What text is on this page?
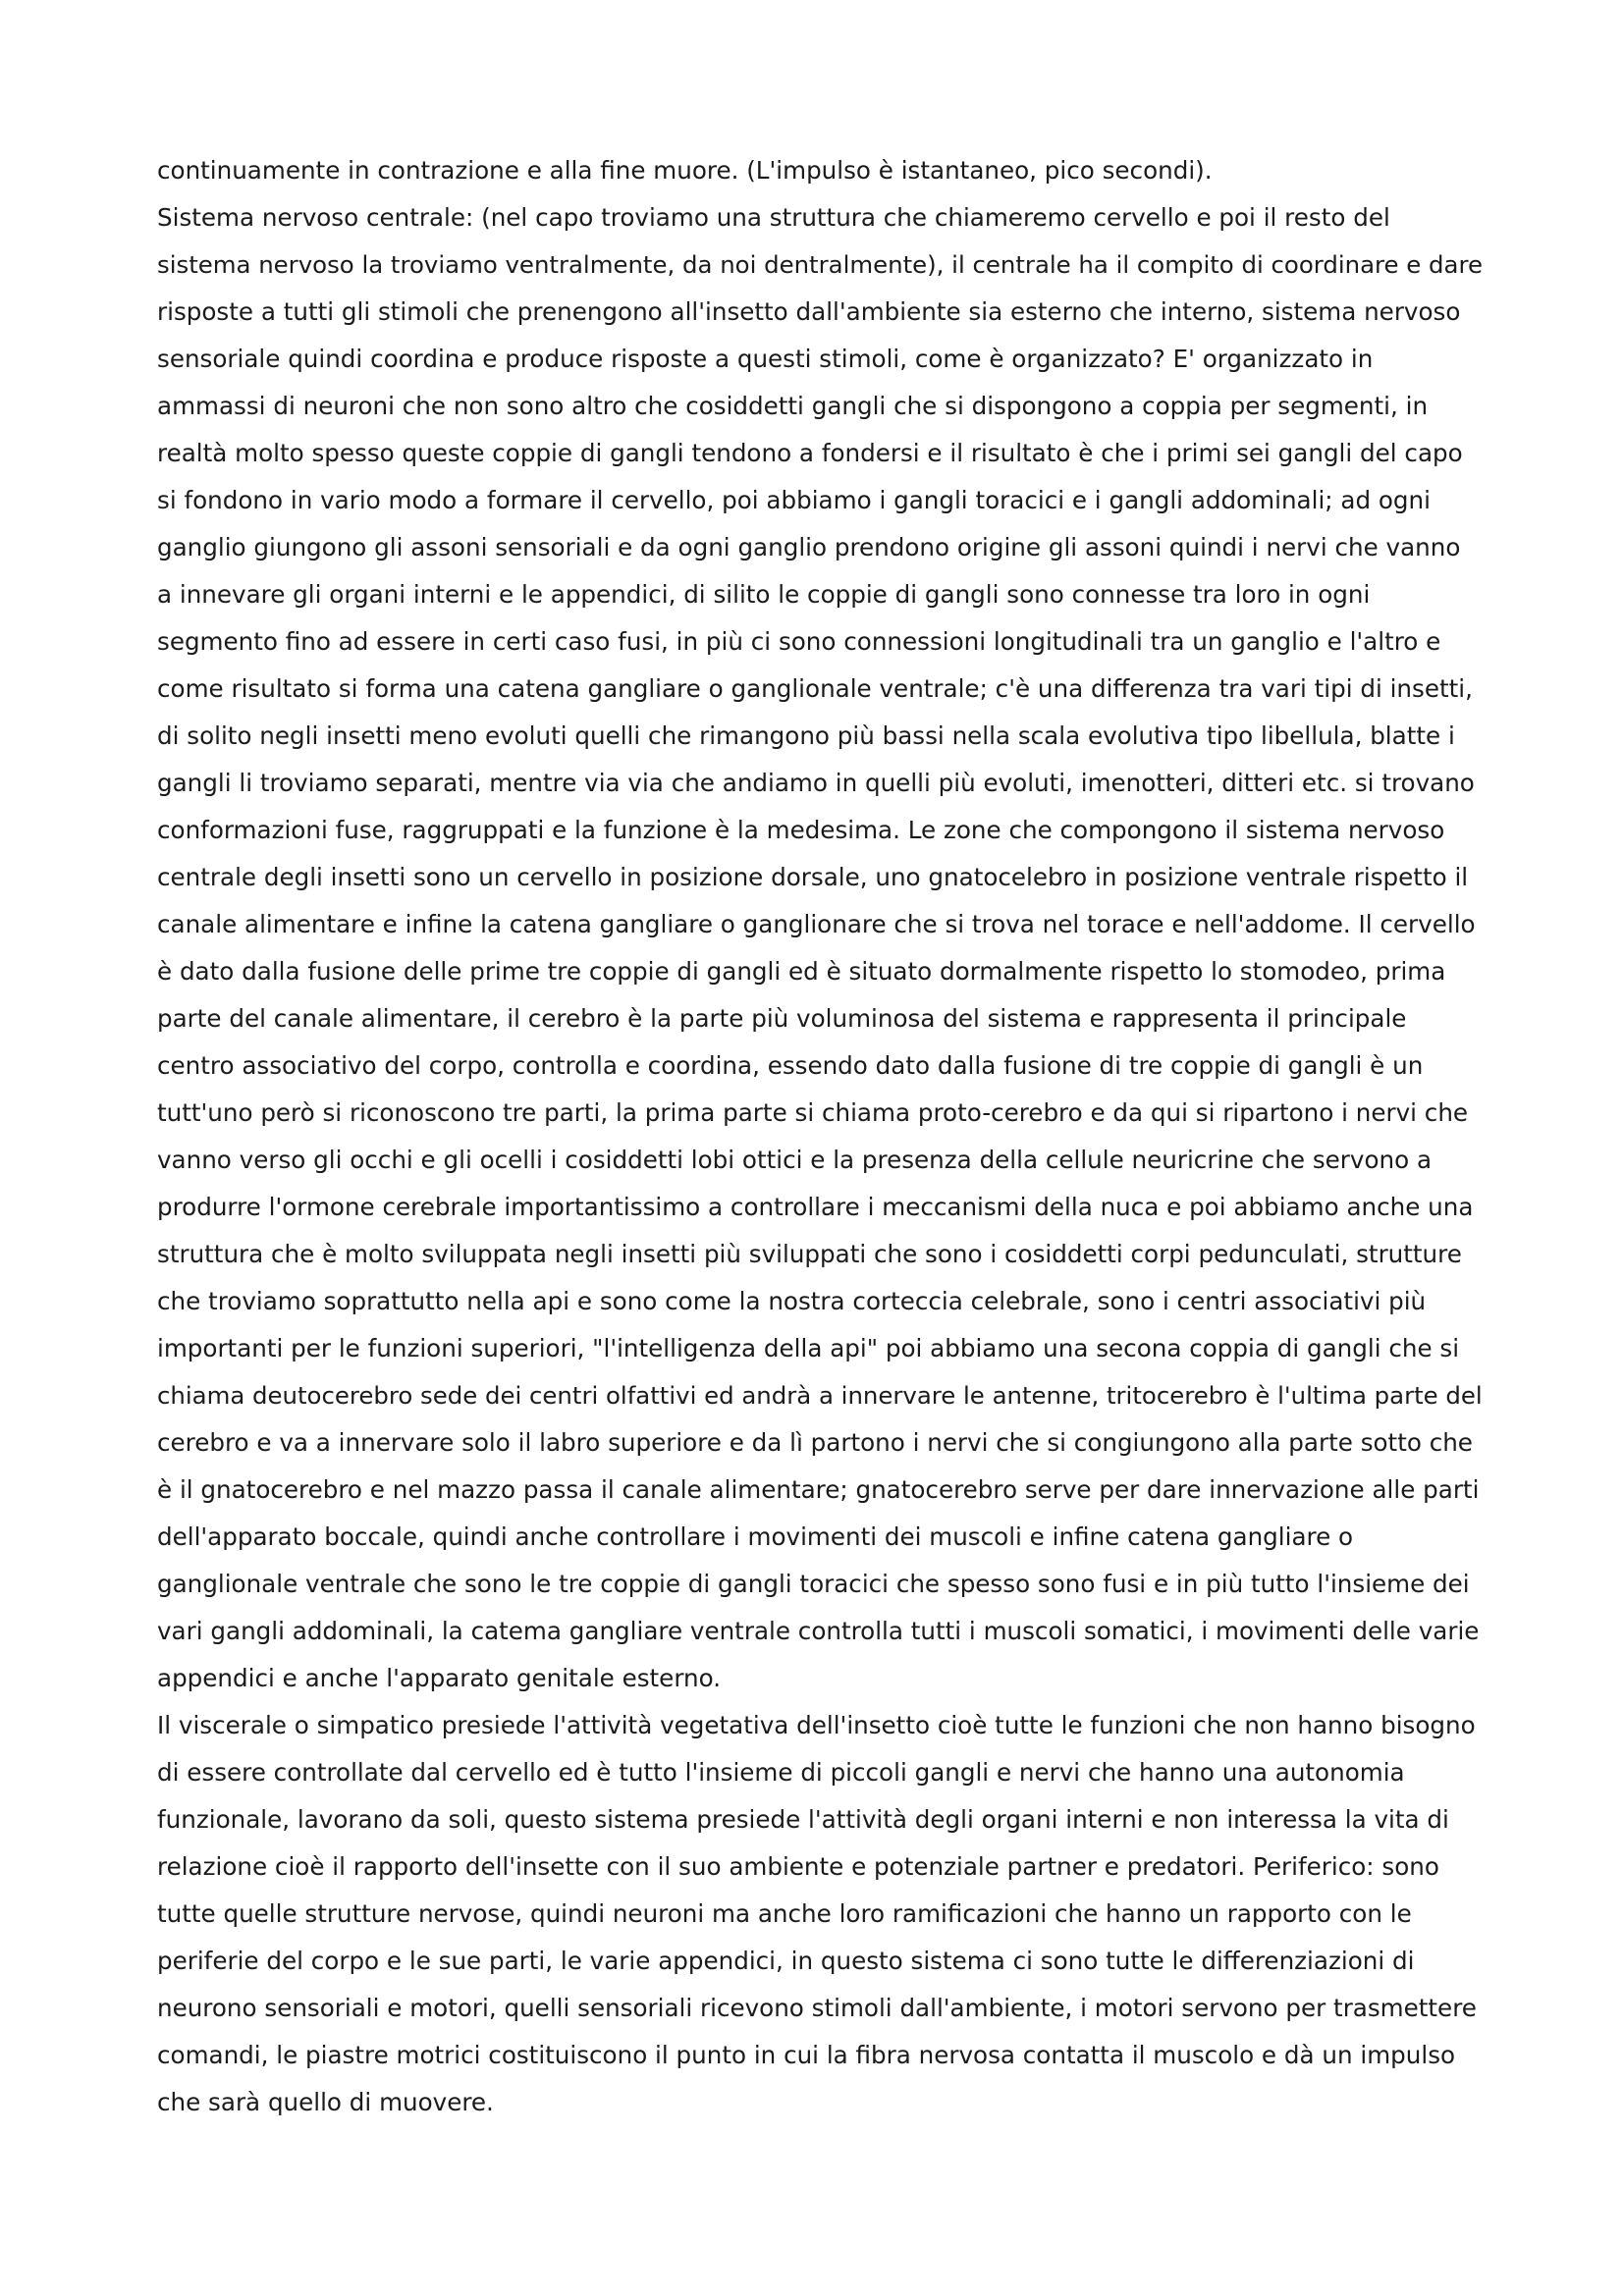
continuamente in contrazione e alla fine muore. (L'impulso è istantaneo, pico secondi).
Sistema nervoso centrale: (nel capo troviamo una struttura che chiameremo cervello e poi il resto del
sistema nervoso la troviamo ventralmente, da noi dentralmente), il centrale ha il compito di coordinare e dare
risposte a tutti gli stimoli che prenengono all'insetto dall'ambiente sia esterno che interno, sistema nervoso
sensoriale quindi coordina e produce risposte a questi stimoli, come è organizzato? E' organizzato in
ammassi di neuroni che non sono altro che cosiddetti gangli che si dispongono a coppia per segmenti, in
realtà molto spesso queste coppie di gangli tendono a fondersi e il risultato è che i primi sei gangli del capo
si fondono in vario modo a formare il cervello, poi abbiamo i gangli toracici e i gangli addominali; ad ogni
ganglio giungono gli assoni sensoriali e da ogni ganglio prendono origine gli assoni quindi i nervi che vanno
a innevare gli organi interni e le appendici, di silito le coppie di gangli sono connesse tra loro in ogni
segmento fino ad essere in certi caso fusi, in più ci sono connessioni longitudinali tra un ganglio e l'altro e
come risultato si forma una catena gangliare o ganglionale ventrale; c'è una differenza tra vari tipi di insetti,
di solito negli insetti meno evoluti quelli che rimangono più bassi nella scala evolutiva tipo libellula, blatte i
gangli li troviamo separati, mentre via via che andiamo in quelli più evoluti, imenotteri, ditteri etc. si trovano
conformazioni fuse, raggruppati e la funzione è la medesima. Le zone che compongono il sistema nervoso
centrale degli insetti sono un cervello in posizione dorsale, uno gnatocelebro in posizione ventrale rispetto il
canale alimentare e infine la catena gangliare o ganglionare che si trova nel torace e nell'addome. Il cervello
è dato dalla fusione delle prime tre coppie di gangli ed è situato dormalmente rispetto lo stomodeo, prima
parte del canale alimentare, il cerebro è la parte più voluminosa del sistema e rappresenta il principale
centro associativo del corpo, controlla e coordina, essendo dato dalla fusione di tre coppie di gangli è un
tutt'uno però si riconoscono tre parti, la prima parte si chiama proto-cerebro e da qui si ripartono i nervi che
vanno verso gli occhi e gli ocelli i cosiddetti lobi ottici e la presenza della cellule neuricrine che servono a
produrre l'ormone cerebrale importantissimo a controllare i meccanismi della nuca e poi abbiamo anche una
struttura che è molto sviluppata negli insetti più sviluppati che sono i cosiddetti corpi pedunculati, strutture
che troviamo soprattutto nella api e sono come la nostra corteccia celebrale, sono i centri associativi più
importanti per le funzioni superiori, "l'intelligenza della api" poi abbiamo una secona coppia di gangli che si
chiama deutocerebro sede dei centri olfattivi ed andrà a innervare le antenne, tritocerebro è l'ultima parte del
cerebro e va a innervare solo il labro superiore e da lì partono i nervi che si congiungono alla parte sotto che
è il gnatocerebro e nel mazzo passa il canale alimentare; gnatocerebro serve per dare innervazione alle parti
dell'apparato boccale, quindi anche controllare i movimenti dei muscoli e infine catena gangliare o
ganglionale ventrale che sono le tre coppie di gangli toracici che spesso sono fusi e in più tutto l'insieme dei
vari gangli addominali, la catema gangliare ventrale controlla tutti i muscoli somatici, i movimenti delle varie
appendici e anche l'apparato genitale esterno.
Il viscerale o simpatico presiede l'attività vegetativa dell'insetto cioè tutte le funzioni che non hanno bisogno
di essere controllate dal cervello ed è tutto l'insieme di piccoli gangli e nervi che hanno una autonomia
funzionale, lavorano da soli, questo sistema presiede l'attività degli organi interni e non interessa la vita di
relazione cioè il rapporto dell'insette con il suo ambiente e potenziale partner e predatori. Periferico: sono
tutte quelle strutture nervose, quindi neuroni ma anche loro ramificazioni che hanno un rapporto con le
periferie del corpo e le sue parti, le varie appendici, in questo sistema ci sono tutte le differenziazioni di
neurono sensoriali e motori, quelli sensoriali ricevono stimoli dall'ambiente, i motori servono per trasmettere
comandi, le piastre motrici costituiscono il punto in cui la fibra nervosa contatta il muscolo e dà un impulso
che sarà quello di muovere.
